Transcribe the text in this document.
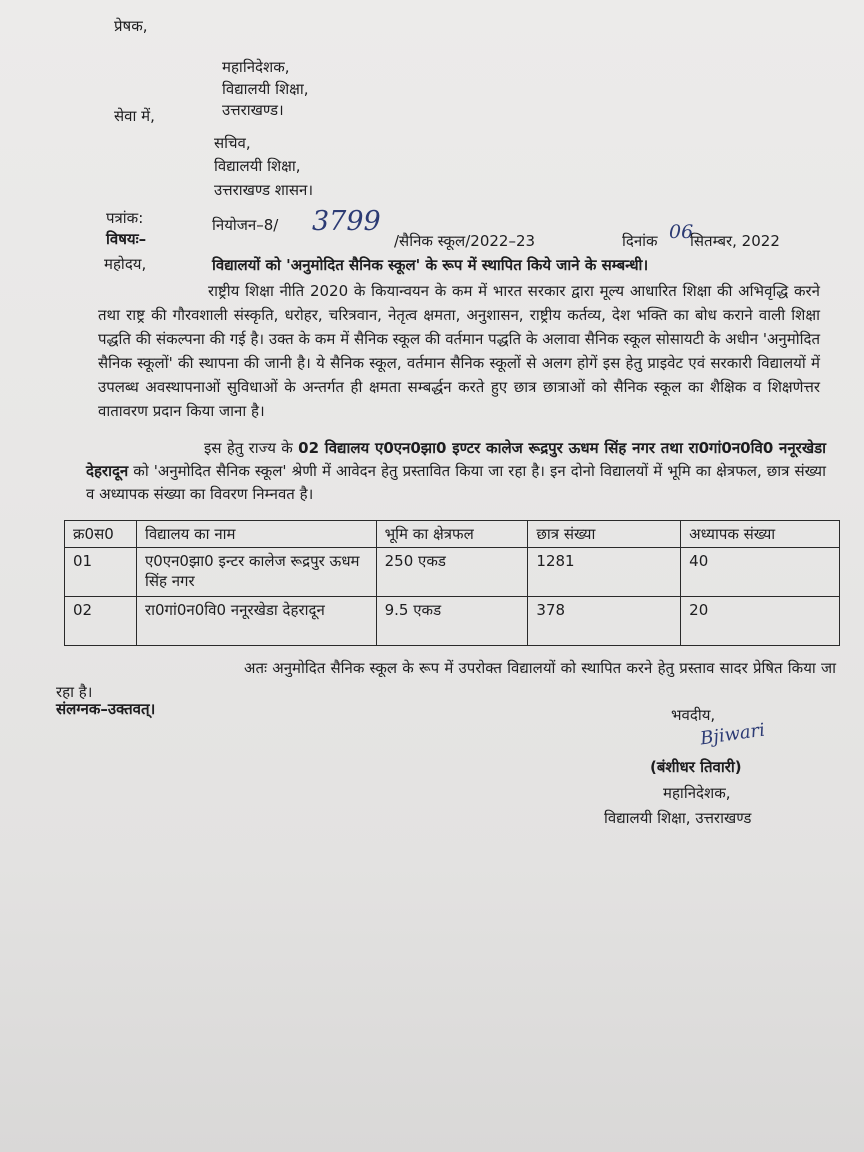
प्रेषक,
महानिदेशक,
विद्यालयी शिक्षा,
उत्तराखण्ड।
सेवा में,
सचिव,
विद्यालयी शिक्षा,
उत्तराखण्ड शासन।
पत्रांक:	नियोजन–8/ 3799
/सैनिक स्कूल/2022–23	दिनांक 06
सितम्बर, 2022
विषयः–
विद्यालयों को 'अनुमोदित सैनिक स्कूल' के रूप में स्थापित किये जाने के सम्बन्धी।
महोदय,
राष्ट्रीय शिक्षा नीति 2020 के कियान्वयन के कम में भारत सरकार द्वारा मूल्य आधारित शिक्षा की अभिवृद्धि करने तथा राष्ट्र की गौरवशाली संस्कृति, धरोहर, चरित्रवान, नेतृत्व क्षमता, अनुशासन, राष्ट्रीय कर्तव्य, देश भक्ति का बोध कराने वाली शिक्षा पद्धति की संकल्पना की गई है। उक्त के कम में सैनिक स्कूल की वर्तमान पद्धति के अलावा सैनिक स्कूल सोसायटी के अधीन 'अनुमोदित सैनिक स्कूलों' की स्थापना की जानी है। ये सैनिक स्कूल, वर्तमान सैनिक स्कूलों से अलग होगें इस हेतु प्राइवेट एवं सरकारी विद्यालयों में उपलब्ध अवस्थापनाओं सुविधाओं के अन्तर्गत ही क्षमता सम्बर्द्धन करते हुए छात्र छात्राओं को सैनिक स्कूल का शैक्षिक व शिक्षणेत्तर वातावरण प्रदान किया जाना है।
इस हेतु राज्य के 02 विद्यालय ए0एन0झा0 इण्टर कालेज रूद्रपुर ऊधम सिंह नगर तथा रा0गां0न0वि0 ननूरखेडा देहरादून को 'अनुमोदित सैनिक स्कूल' श्रेणी में आवेदन हेतु प्रस्तावित किया जा रहा है। इन दोनो विद्यालयों में भूमि का क्षेत्रफल, छात्र संख्या व अध्यापक संख्या का विवरण निम्नवत है।
क्र0स0	विद्यालय का नाम	भूमि का क्षेत्रफल	छात्र संख्या	अध्यापक संख्या
01	ए0एन0झा0 इन्टर कालेज रूद्रपुर ऊधम सिंह नगर	250 एकड	1281	40
02	रा0गां0न0वि0 ननूरखेडा देहरादून	9.5 एकड	378	20
अतः अनुमोदित सैनिक स्कूल के रूप में उपरोक्त विद्यालयों को स्थापित करने हेतु प्रस्ताव सादर प्रेषित किया जा रहा है।
संलग्नक–उक्तवत्।	भवदीय,
Bjiwari
(बंशीधर तिवारी)
महानिदेशक,
विद्यालयी शिक्षा, उत्तराखण्ड
